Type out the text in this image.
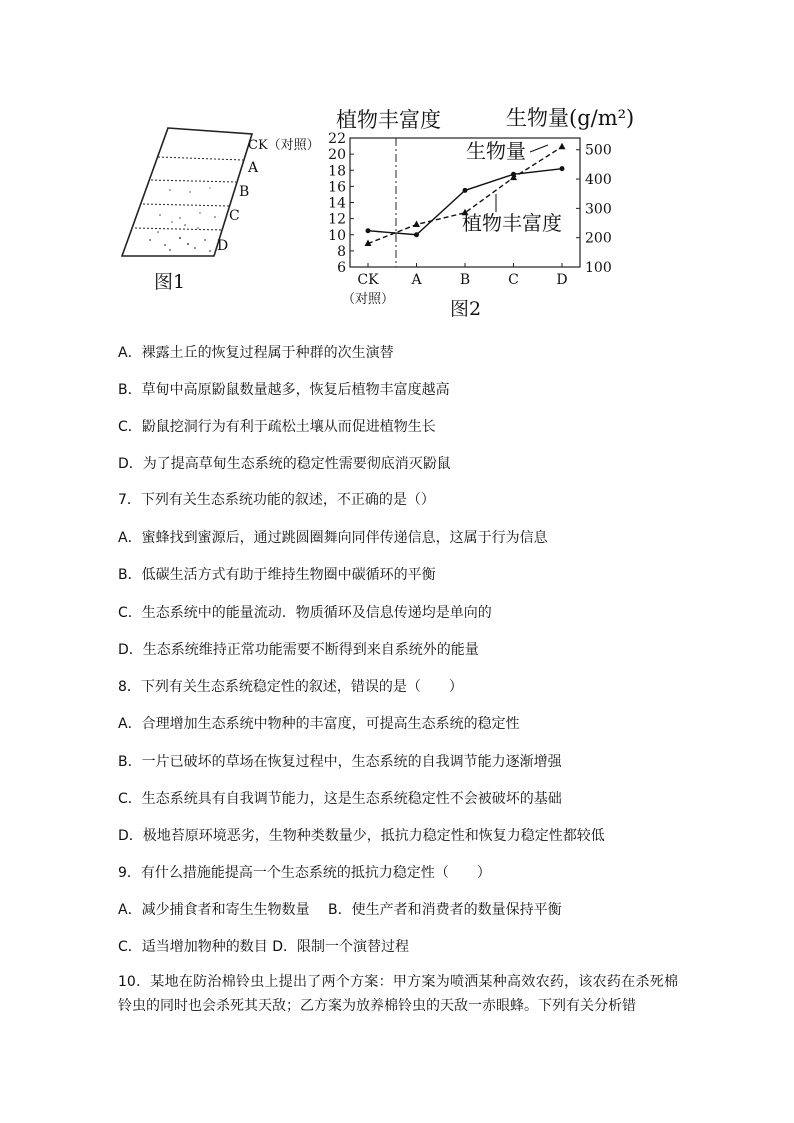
CK（对照）
A
B
C
D
图1
6
8
10
12
14
16
18
20
22
100
200
300
400
500
CK A	B	C	D
（对照）
植物丰富度	生物量(g/m²)
生物量
植物丰富度
图2
A．裸露土丘的恢复过程属于种群的次生演替
B．草甸中高原鼢鼠数量越多，恢复后植物丰富度越高
C．鼢鼠挖洞行为有利于疏松土壤从而促进植物生长
D．为了提高草甸生态系统的稳定性需要彻底消灭鼢鼠
7．下列有关生态系统功能的叙述，不正确的是（）
A．蜜蜂找到蜜源后，通过跳圆圈舞向同伴传递信息，这属于行为信息
B．低碳生活方式有助于维持生物圈中碳循环的平衡
C．生态系统中的能量流动．物质循环及信息传递均是单向的
D．生态系统维持正常功能需要不断得到来自系统外的能量
8．下列有关生态系统稳定性的叙述，错误的是（　　）
A．合理增加生态系统中物种的丰富度，可提高生态系统的稳定性
B．一片已破坏的草场在恢复过程中，生态系统的自我调节能力逐渐增强
C．生态系统具有自我调节能力，这是生态系统稳定性不会被破坏的基础
D．极地苔原环境恶劣，生物种类数量少，抵抗力稳定性和恢复力稳定性都较低
9．有什么措施能提高一个生态系统的抵抗力稳定性（　　）
A．减少捕食者和寄生生物数量　 B．使生产者和消费者的数量保持平衡
C．适当增加物种的数目 D．限制一个演替过程
10．某地在防治棉铃虫上提出了两个方案：甲方案为喷洒某种高效农药，该农药在杀死棉铃虫的同时也会杀死其天敌；乙方案为放养棉铃虫的天敌一赤眼蜂。下列有关分析错
